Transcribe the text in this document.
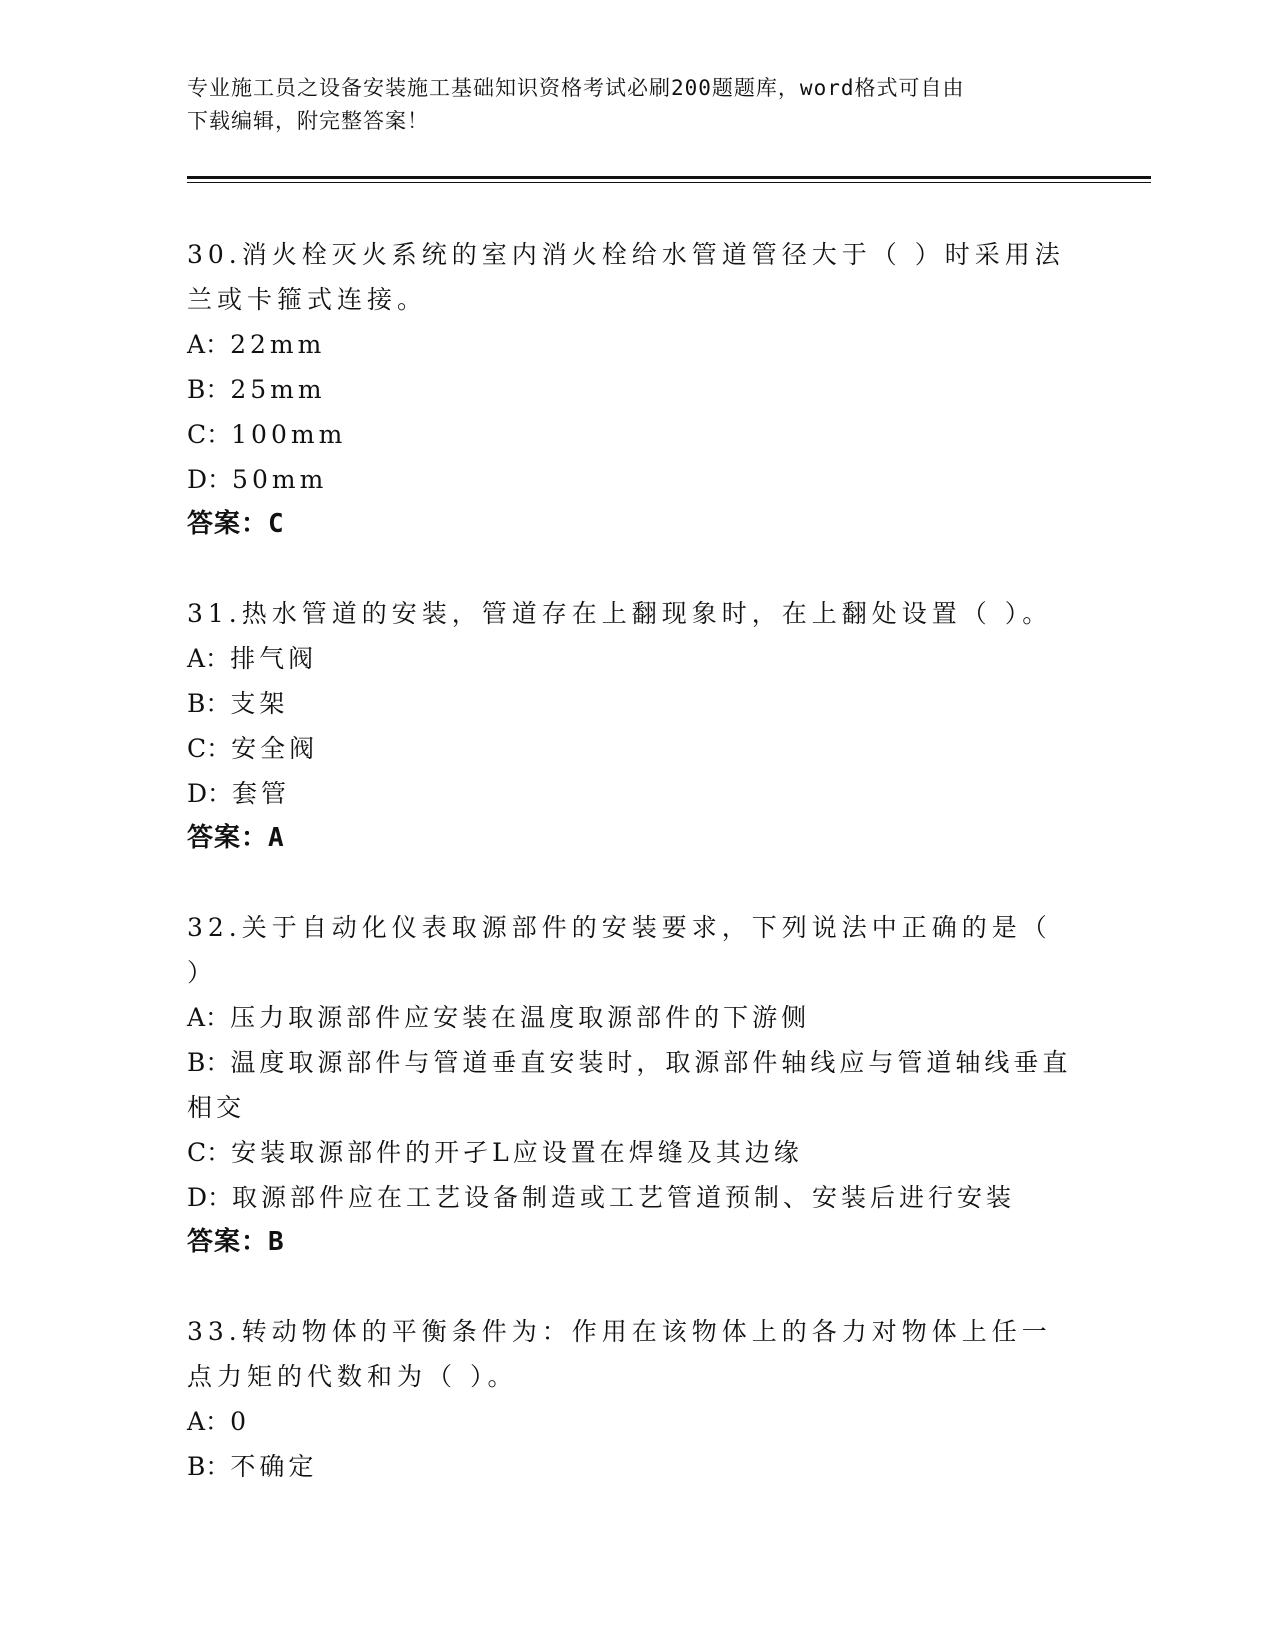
专业施工员之设备安装施工基础知识资格考试必刷200题题库，word格式可自由
下载编辑，附完整答案！
30.消火栓灭火系统的室内消火栓给水管道管径大于（ ）时采用法兰或卡箍式连接。
A：22mm
B：25mm
C：100mm
D：50mm
答案：C
31.热水管道的安装，管道存在上翻现象时，在上翻处设置（ ）。
A：排气阀
B：支架
C：安全阀
D：套管
答案：A
32.关于自动化仪表取源部件的安装要求，下列说法中正确的是（ ）
A：压力取源部件应安装在温度取源部件的下游侧
B：温度取源部件与管道垂直安装时，取源部件轴线应与管道轴线垂直相交
C：安装取源部件的开孑L应设置在焊缝及其边缘
D：取源部件应在工艺设备制造或工艺管道预制、安装后进行安装
答案：B
33.转动物体的平衡条件为：作用在该物体上的各力对物体上任一点力矩的代数和为（ ）。
A：0
B：不确定
